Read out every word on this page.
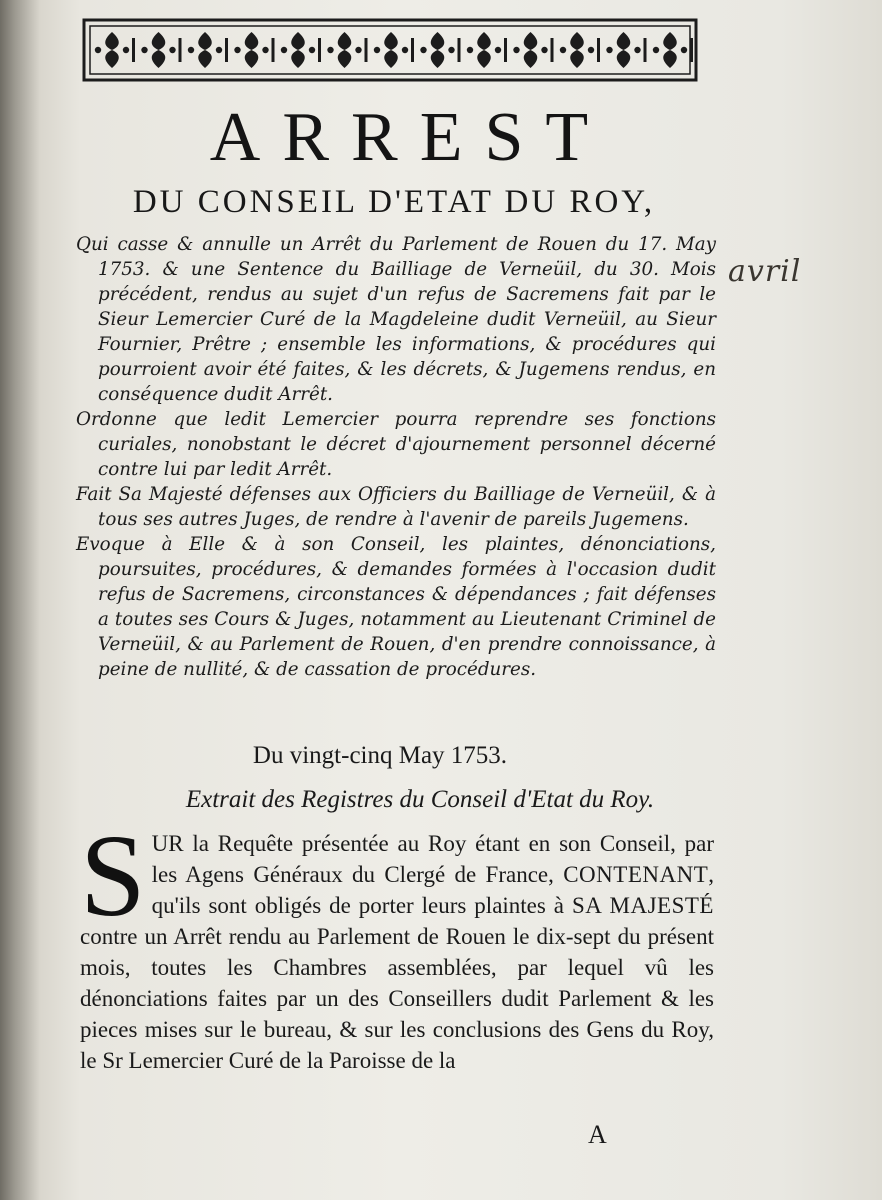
ARREST
DU CONSEIL D'ETAT DU ROY,

Qui casse & annulle un Arrêt du Parlement de Rouen du 17. May 1753. & une Sentence du Bailliage de Verneüil, du 30. Mois précédent, rendus au sujet d'un refus de Sacremens fait par le Sieur Lemercier Curé de la Magdeleine dudit Verneüil, au Sieur Fournier, Prêtre ; ensemble les informations, & procédures qui pourroient avoir été faites, & les décrets, & Jugemens rendus, en conséquence dudit Arrêt.

Ordonne que ledit Lemercier pourra reprendre ses fonctions curiales, nonobstant le décret d'ajournement personnel décerné contre lui par ledit Arrêt.

Fait Sa Majesté défenses aux Officiers du Bailliage de Verneüil, & à tous ses autres Juges, de rendre à l'avenir de pareils Jugemens.

Evoque à Elle & à son Conseil, les plaintes, dénonciations, poursuites, procédures, & demandes formées à l'occasion dudit refus de Sacremens, circonstances & dépendances ; fait défenses a toutes ses Cours & Juges, notamment au Lieutenant Criminel de Verneüil, & au Parlement de Rouen, d'en prendre connoissance, à peine de nullité, & de cassation de procédures.

avril
Du vingt-cinq May 1753.
Extrait des Registres du Conseil d'Etat du Roy.
S UR la Requête présentée au Roy étant en son Conseil, par les Agens Généraux du Clergé de France, CONTENANT, qu'ils sont obligés de porter leurs plaintes à SA MAJESTÉ contre un Arrêt rendu au Parlement de Rouen le dix-sept du présent mois, toutes les Chambres assemblées, par lequel vû les dénonciations faites par un des Conseillers dudit Parlement & les pieces mises sur le bureau, & sur les conclusions des Gens du Roy, le Sr Lemercier Curé de la Paroisse de la
A
